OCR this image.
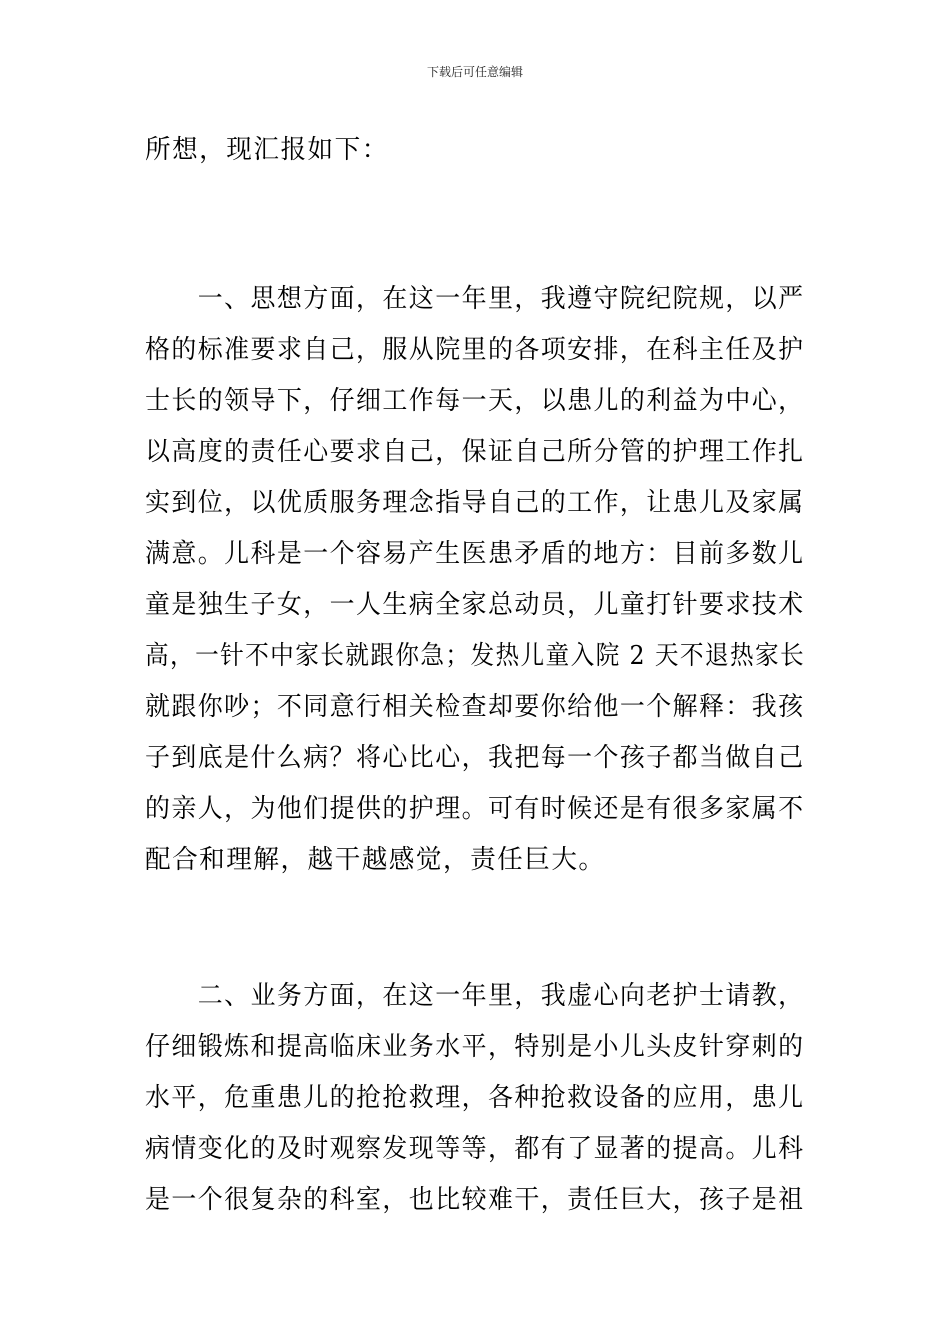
下载后可任意编辑
所想，现汇报如下：
　　一、思想方面，在这一年里，我遵守院纪院规，以严
格的标准要求自己，服从院里的各项安排，在科主任及护
士长的领导下，仔细工作每一天，以患儿的利益为中心，
以高度的责任心要求自己，保证自己所分管的护理工作扎
实到位，以优质服务理念指导自己的工作，让患儿及家属
满意。儿科是一个容易产生医患矛盾的地方：目前多数儿
童是独生子女，一人生病全家总动员，儿童打针要求技术
高，一针不中家长就跟你急；发热儿童入院 2 天不退热家长
就跟你吵；不同意行相关检查却要你给他一个解释：我孩
子到底是什么病？将心比心，我把每一个孩子都当做自己
的亲人，为他们提供的护理。可有时候还是有很多家属不
配合和理解，越干越感觉，责任巨大。
　　二、业务方面，在这一年里，我虚心向老护士请教，
仔细锻炼和提高临床业务水平，特别是小儿头皮针穿刺的
水平，危重患儿的抢抢救理，各种抢救设备的应用，患儿
病情变化的及时观察发现等等，都有了显著的提高。儿科
是一个很复杂的科室，也比较难干，责任巨大，孩子是祖
